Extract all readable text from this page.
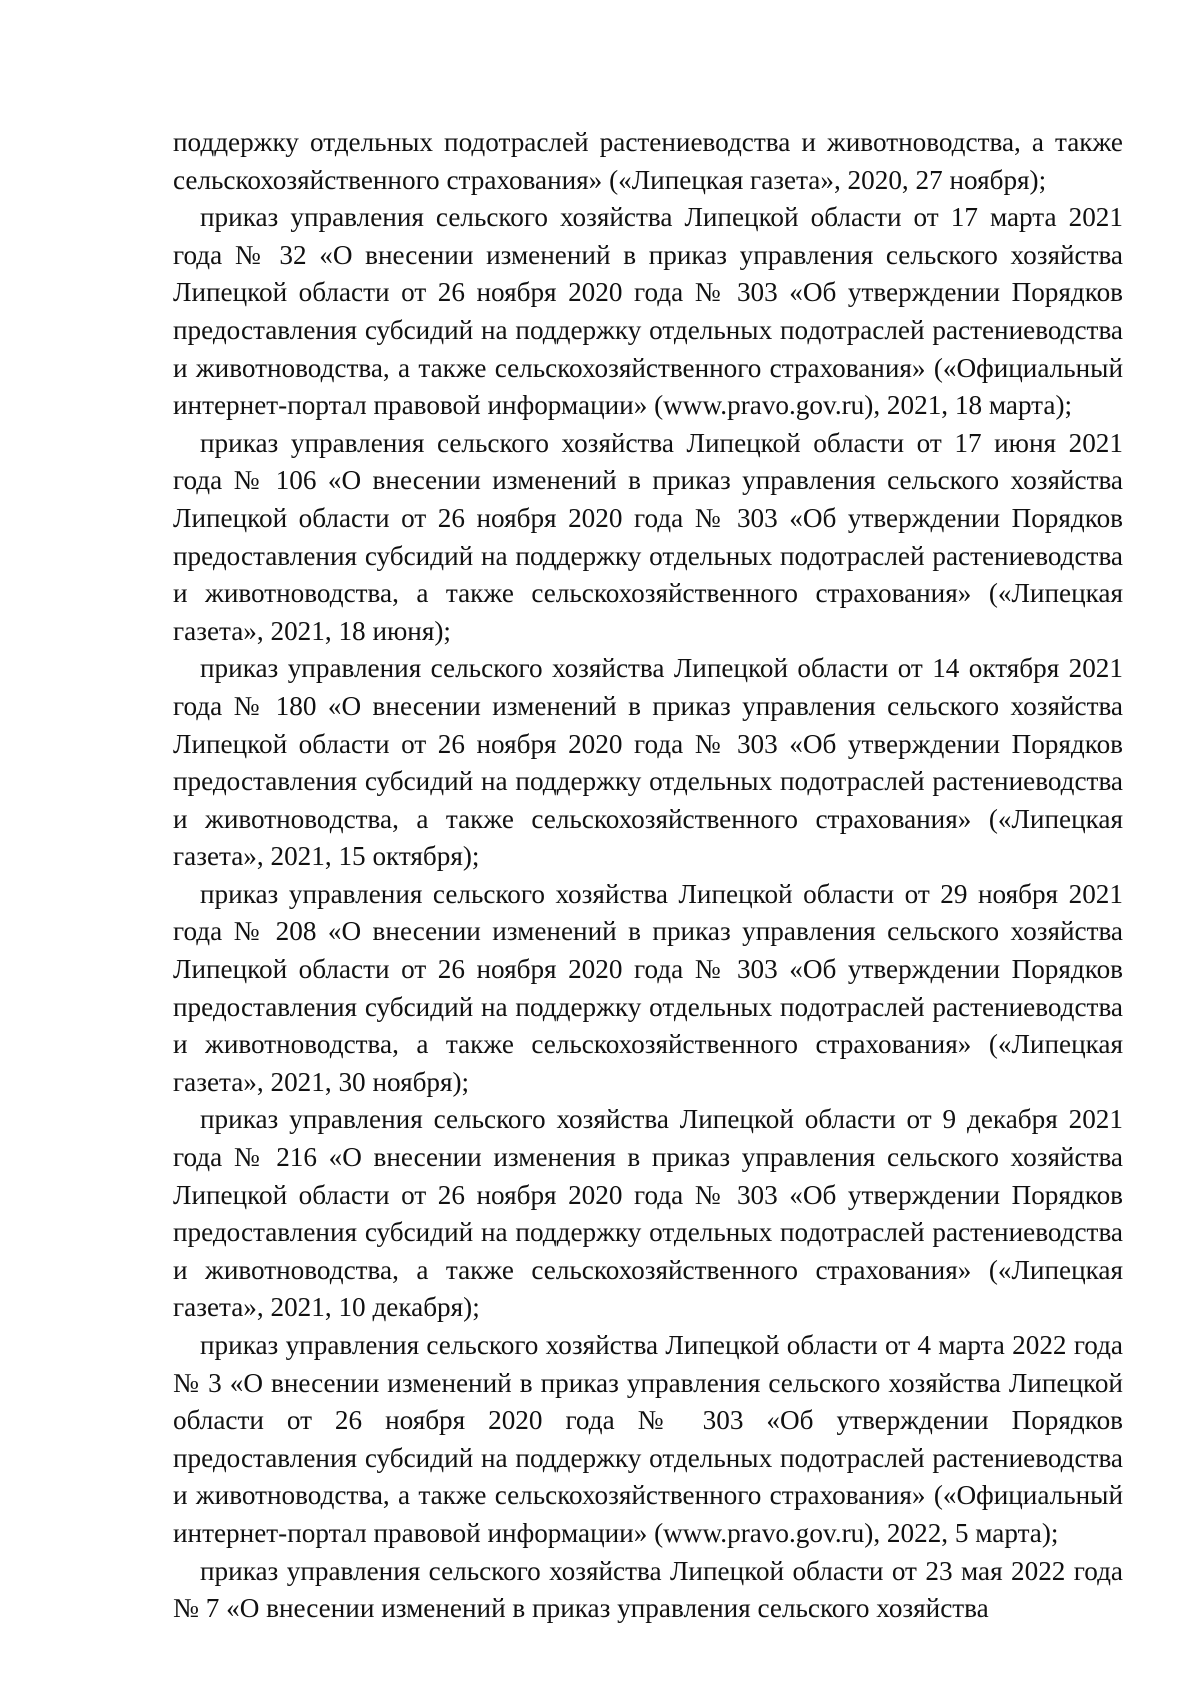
поддержку отдельных подотраслей растениеводства и животноводства, а также сельскохозяйственного страхования» («Липецкая газета», 2020, 27 ноября);

приказ управления сельского хозяйства Липецкой области от 17 марта 2021 года № 32 «О внесении изменений в приказ управления сельского хозяйства Липецкой области от 26 ноября 2020 года № 303 «Об утверждении Порядков предоставления субсидий на поддержку отдельных подотраслей растениеводства и животноводства, а также сельскохозяйственного страхования» («Официальный интернет-портал правовой информации» (www.pravo.gov.ru), 2021, 18 марта);

приказ управления сельского хозяйства Липецкой области от 17 июня 2021 года № 106 «О внесении изменений в приказ управления сельского хозяйства Липецкой области от 26 ноября 2020 года № 303 «Об утверждении Порядков предоставления субсидий на поддержку отдельных подотраслей растениеводства и животноводства, а также сельскохозяйственного страхования» («Липецкая газета», 2021, 18 июня);

приказ управления сельского хозяйства Липецкой области от 14 октября 2021 года № 180 «О внесении изменений в приказ управления сельского хозяйства Липецкой области от 26 ноября 2020 года № 303 «Об утверждении Порядков предоставления субсидий на поддержку отдельных подотраслей растениеводства и животноводства, а также сельскохозяйственного страхования» («Липецкая газета», 2021, 15 октября);

приказ управления сельского хозяйства Липецкой области от 29 ноября 2021 года № 208 «О внесении изменений в приказ управления сельского хозяйства Липецкой области от 26 ноября 2020 года № 303 «Об утверждении Порядков предоставления субсидий на поддержку отдельных подотраслей растениеводства и животноводства, а также сельскохозяйственного страхования» («Липецкая газета», 2021, 30 ноября);

приказ управления сельского хозяйства Липецкой области от 9 декабря 2021 года № 216 «О внесении изменения в приказ управления сельского хозяйства Липецкой области от 26 ноября 2020 года № 303 «Об утверждении Порядков предоставления субсидий на поддержку отдельных подотраслей растениеводства и животноводства, а также сельскохозяйственного страхования» («Липецкая газета», 2021, 10 декабря);

приказ управления сельского хозяйства Липецкой области от 4 марта 2022 года № 3 «О внесении изменений в приказ управления сельского хозяйства Липецкой области от 26 ноября 2020 года № 303 «Об утверждении Порядков предоставления субсидий на поддержку отдельных подотраслей растениеводства и животноводства, а также сельскохозяйственного страхования» («Официальный интернет-портал правовой информации» (www.pravo.gov.ru), 2022, 5 марта);

приказ управления сельского хозяйства Липецкой области от 23 мая 2022 года № 7 «О внесении изменений в приказ управления сельского хозяйства
